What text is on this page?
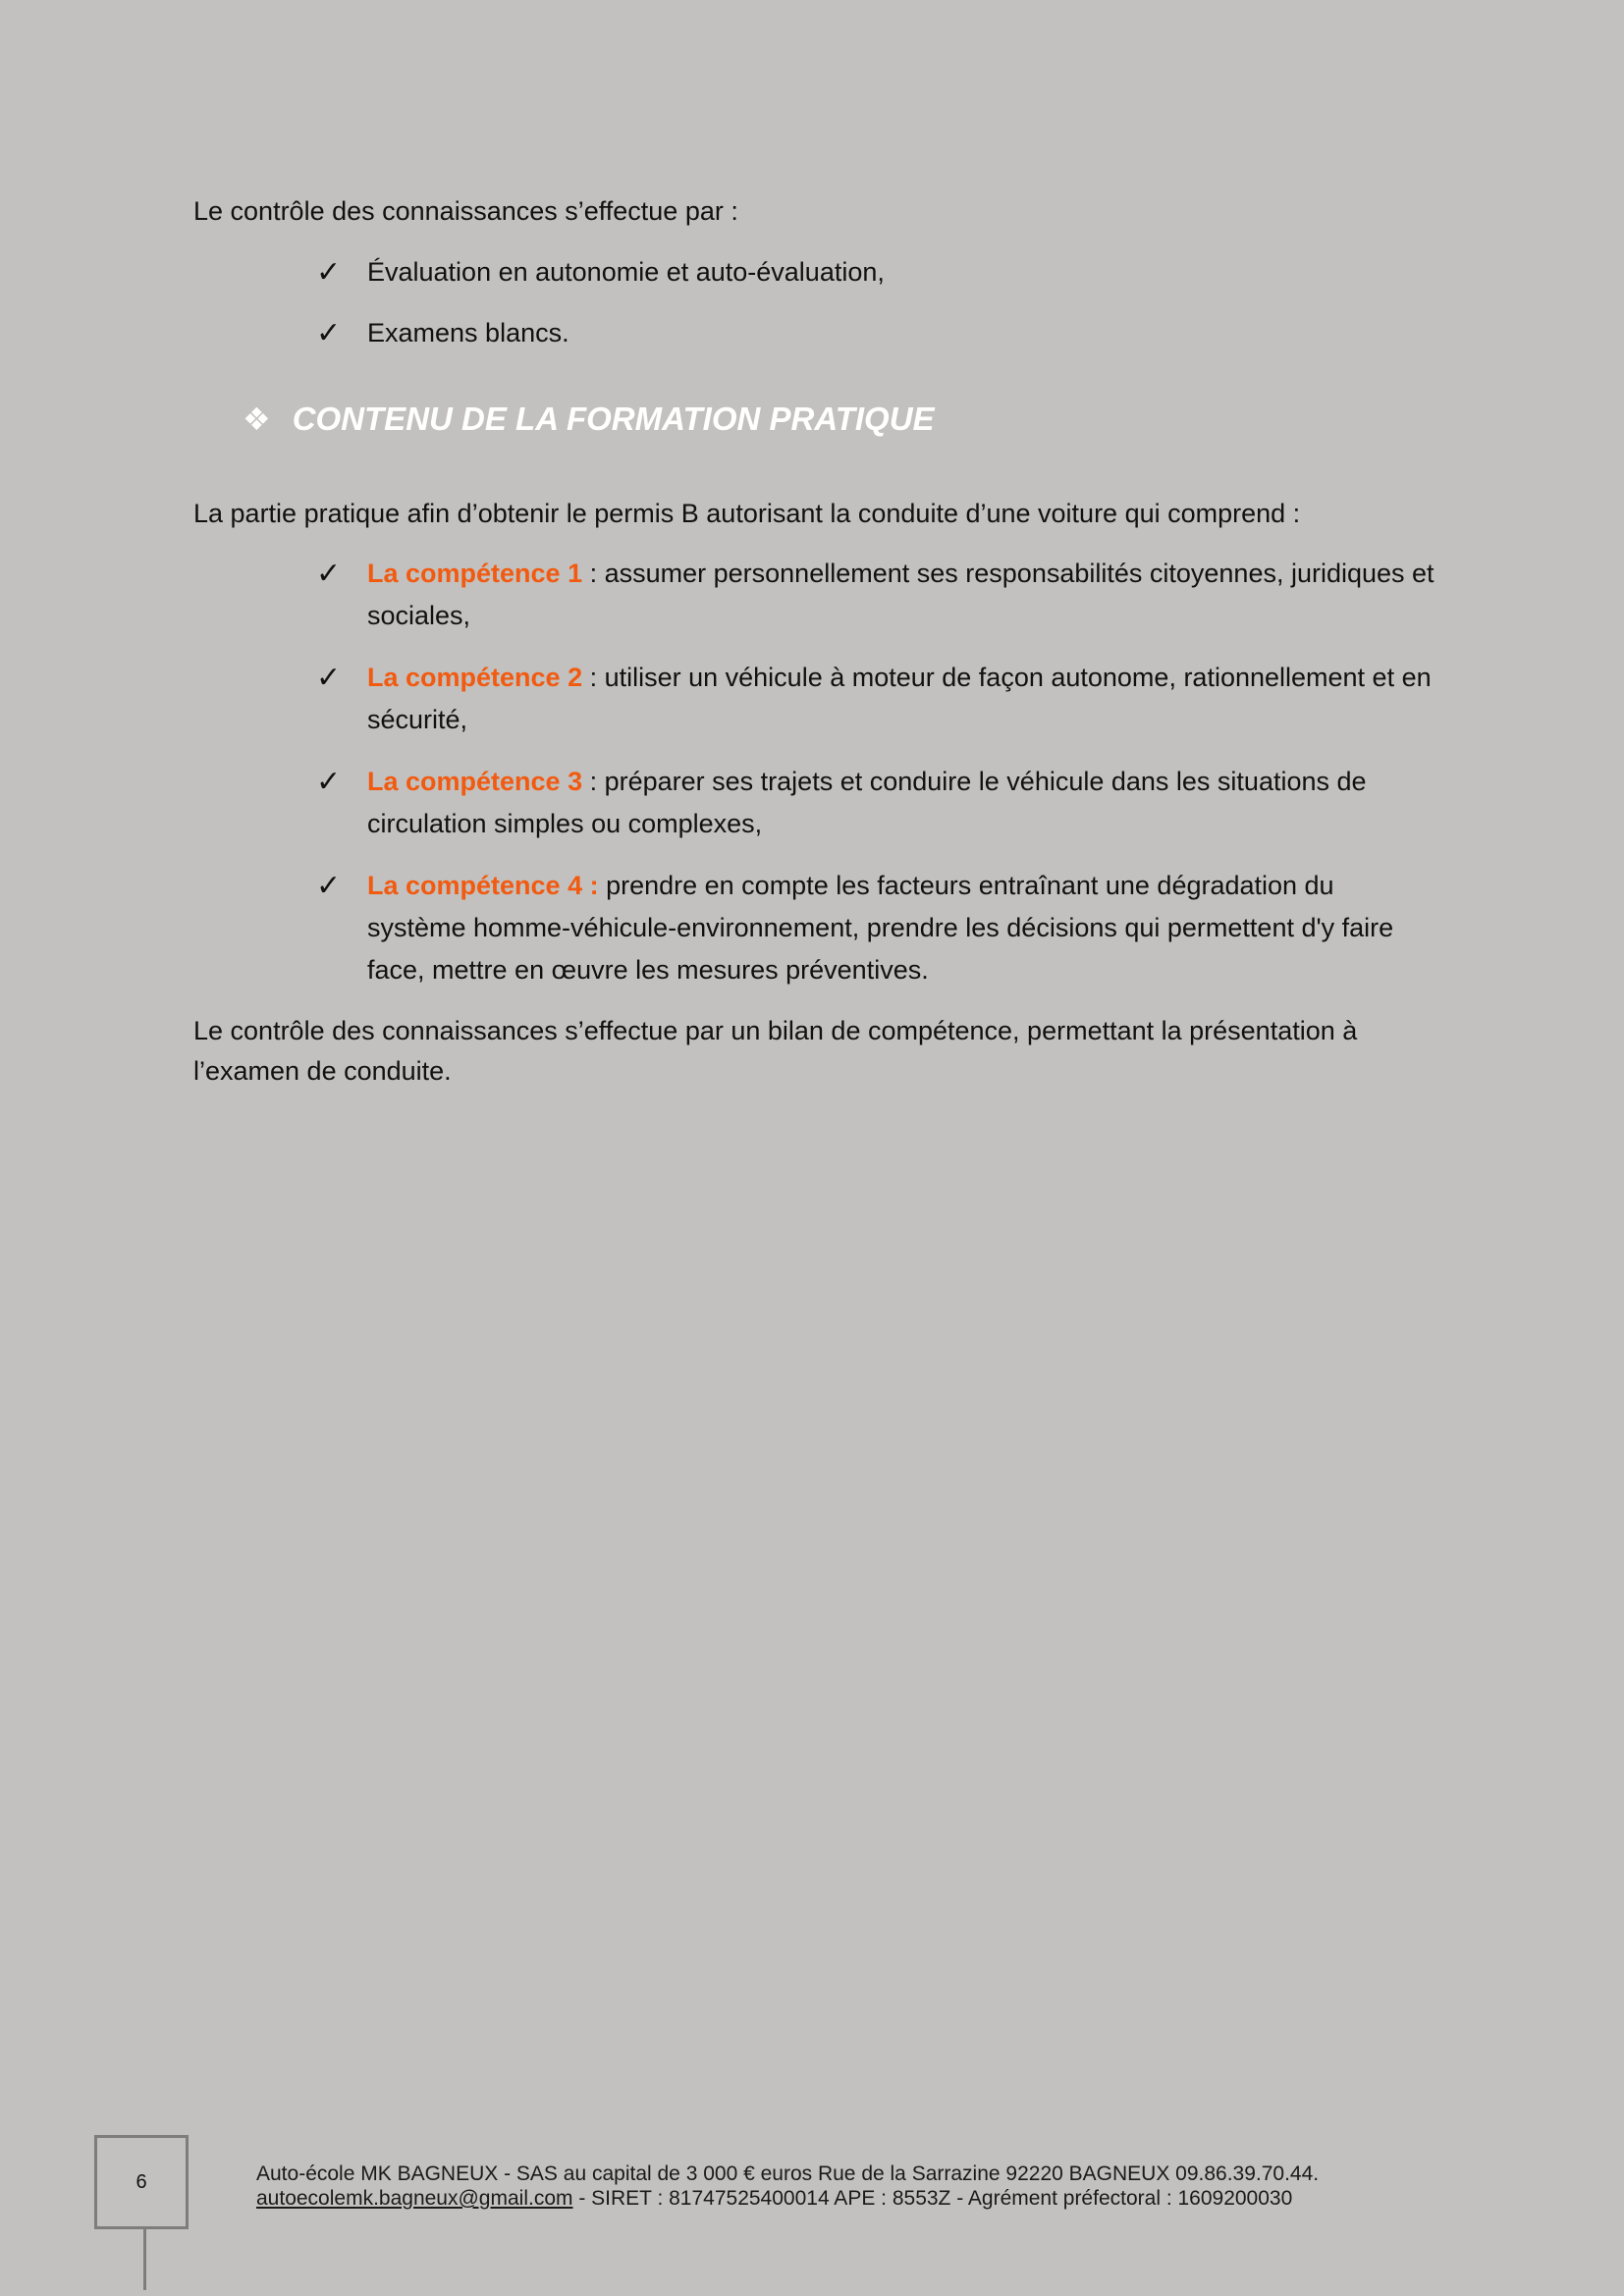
Le contrôle des connaissances s’effectue par :

✓ Évaluation en autonomie et auto-évaluation,
✓ Examens blancs.
❖ CONTENU DE LA FORMATION PRATIQUE

La partie pratique afin d’obtenir le permis B autorisant la conduite d’une voiture qui comprend :

✓ La compétence 1 : assumer personnellement ses responsabilités citoyennes, juridiques et sociales,
✓ La compétence 2 : utiliser un véhicule à moteur de façon autonome, rationnellement et en sécurité,
✓ La compétence 3 : préparer ses trajets et conduire le véhicule dans les situations de circulation simples ou complexes,
✓ La compétence 4 : prendre en compte les facteurs entraînant une dégradation du système homme-véhicule-environnement, prendre les décisions qui permettent d'y faire face, mettre en œuvre les mesures préventives.

Le contrôle des connaissances s’effectue par un bilan de compétence, permettant la présentation à l’examen de conduite.

6	Auto-école MK BAGNEUX - SAS au capital de 3 000 € euros Rue de la Sarrazine 92220 BAGNEUX 09.86.39.70.44.
autoecolemk.bagneux@gmail.com - SIRET : 81747525400014 APE : 8553Z - Agrément préfectoral : 1609200030
